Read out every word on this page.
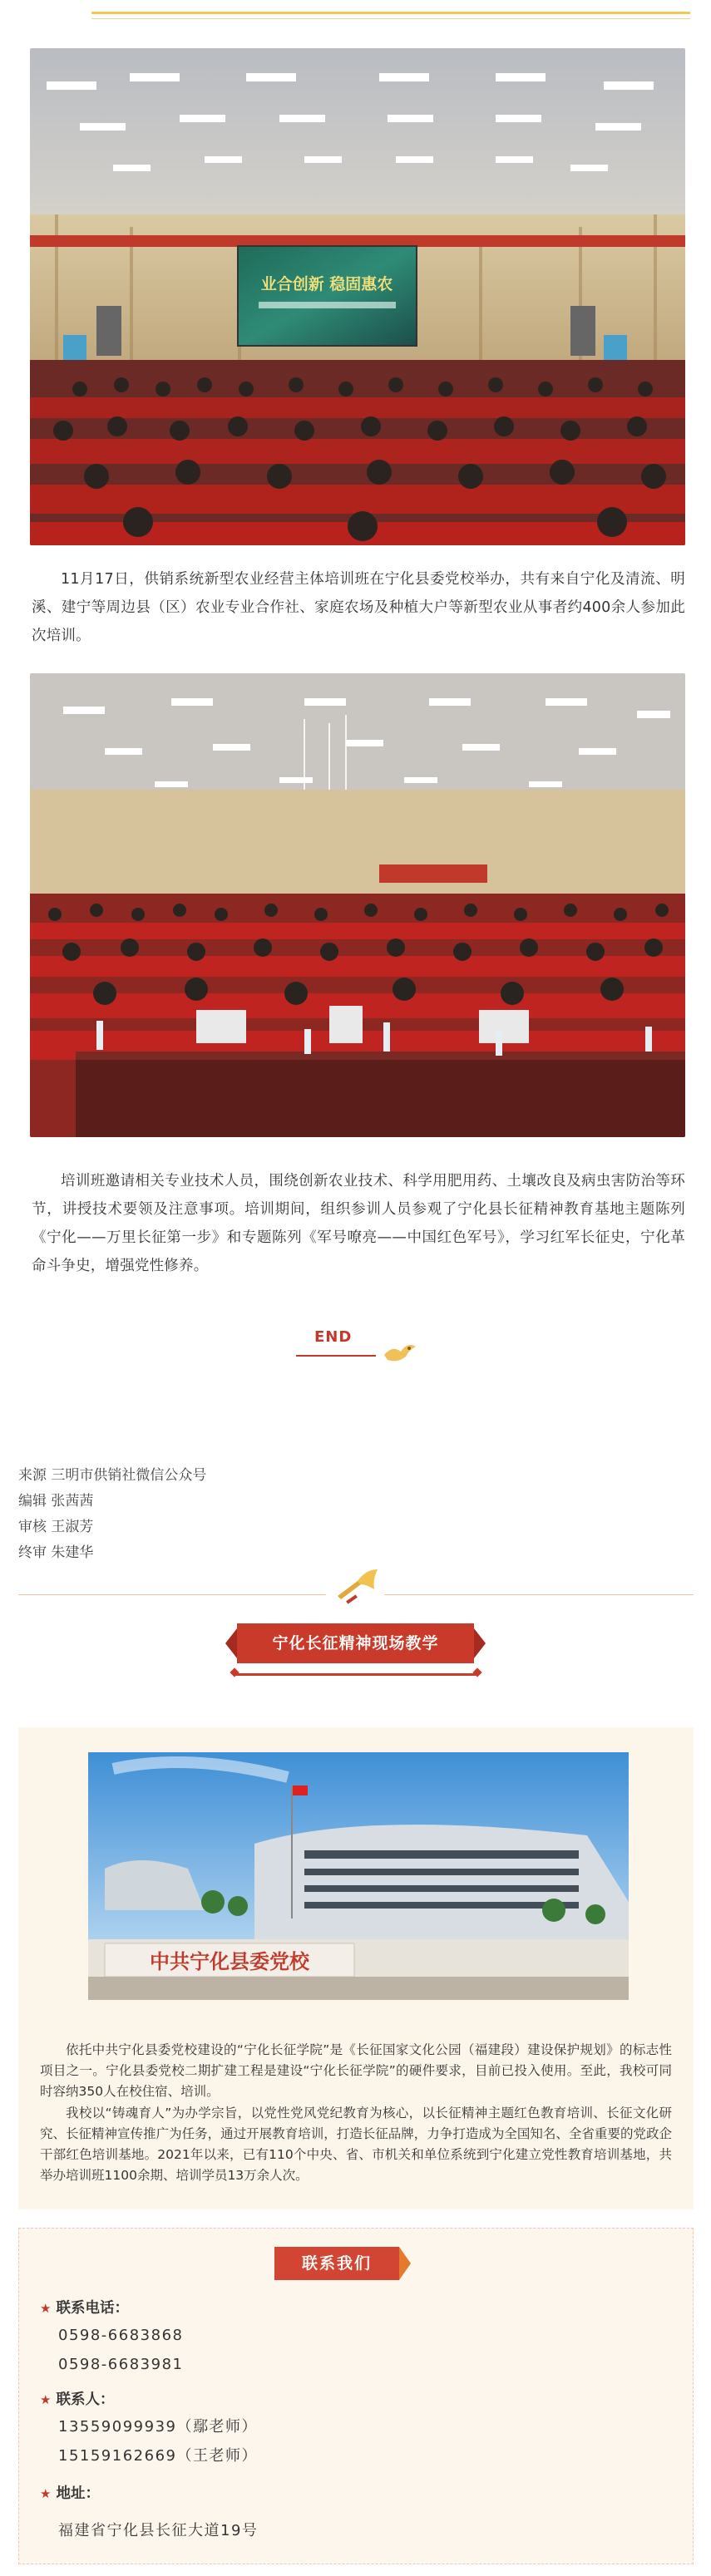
业合创新 稳固惠农

11月17日，供销系统新型农业经营主体培训班在宁化县委党校举办，共有来自宁化及清流、明溪、建宁等周边县（区）农业专业合作社、家庭农场及种植大户等新型农业从事者约400余人参加此次培训。

培训班邀请相关专业技术人员，围绕创新农业技术、科学用肥用药、土壤改良及病虫害防治等环节，讲授技术要领及注意事项。培训期间，组织参训人员参观了宁化县长征精神教育基地主题陈列《宁化——万里长征第一步》和专题陈列《军号嘹亮——中国红色军号》，学习红军长征史，宁化革命斗争史，增强党性修养。

END
来源 三明市供销社微信公众号
编辑 张茜茜
审核 王淑芳
终审 朱建华
宁化长征精神现场教学
中共宁化县委党校

依托中共宁化县委党校建设的“宁化长征学院”是《长征国家文化公园（福建段）建设保护规划》的标志性项目之一。宁化县委党校二期扩建工程是建设“宁化长征学院”的硬件要求，目前已投入使用。至此，我校可同时容纳350人在校住宿、培训。

我校以“铸魂育人”为办学宗旨，以党性党风党纪教育为核心，以长征精神主题红色教育培训、长征文化研究、长征精神宣传推广为任务，通过开展教育培训，打造长征品牌，力争打造成为全国知名、全省重要的党政企干部红色培训基地。2021年以来，已有110个中央、省、市机关和单位系统到宁化建立党性教育培训基地，共举办培训班1100余期、培训学员13万余人次。

联系我们
★ 联系电话：
0598-6683868
0598-6683981
★ 联系人：
13559099939（鄢老师）
15159162669（王老师）
★ 地址：
福建省宁化县长征大道19号
